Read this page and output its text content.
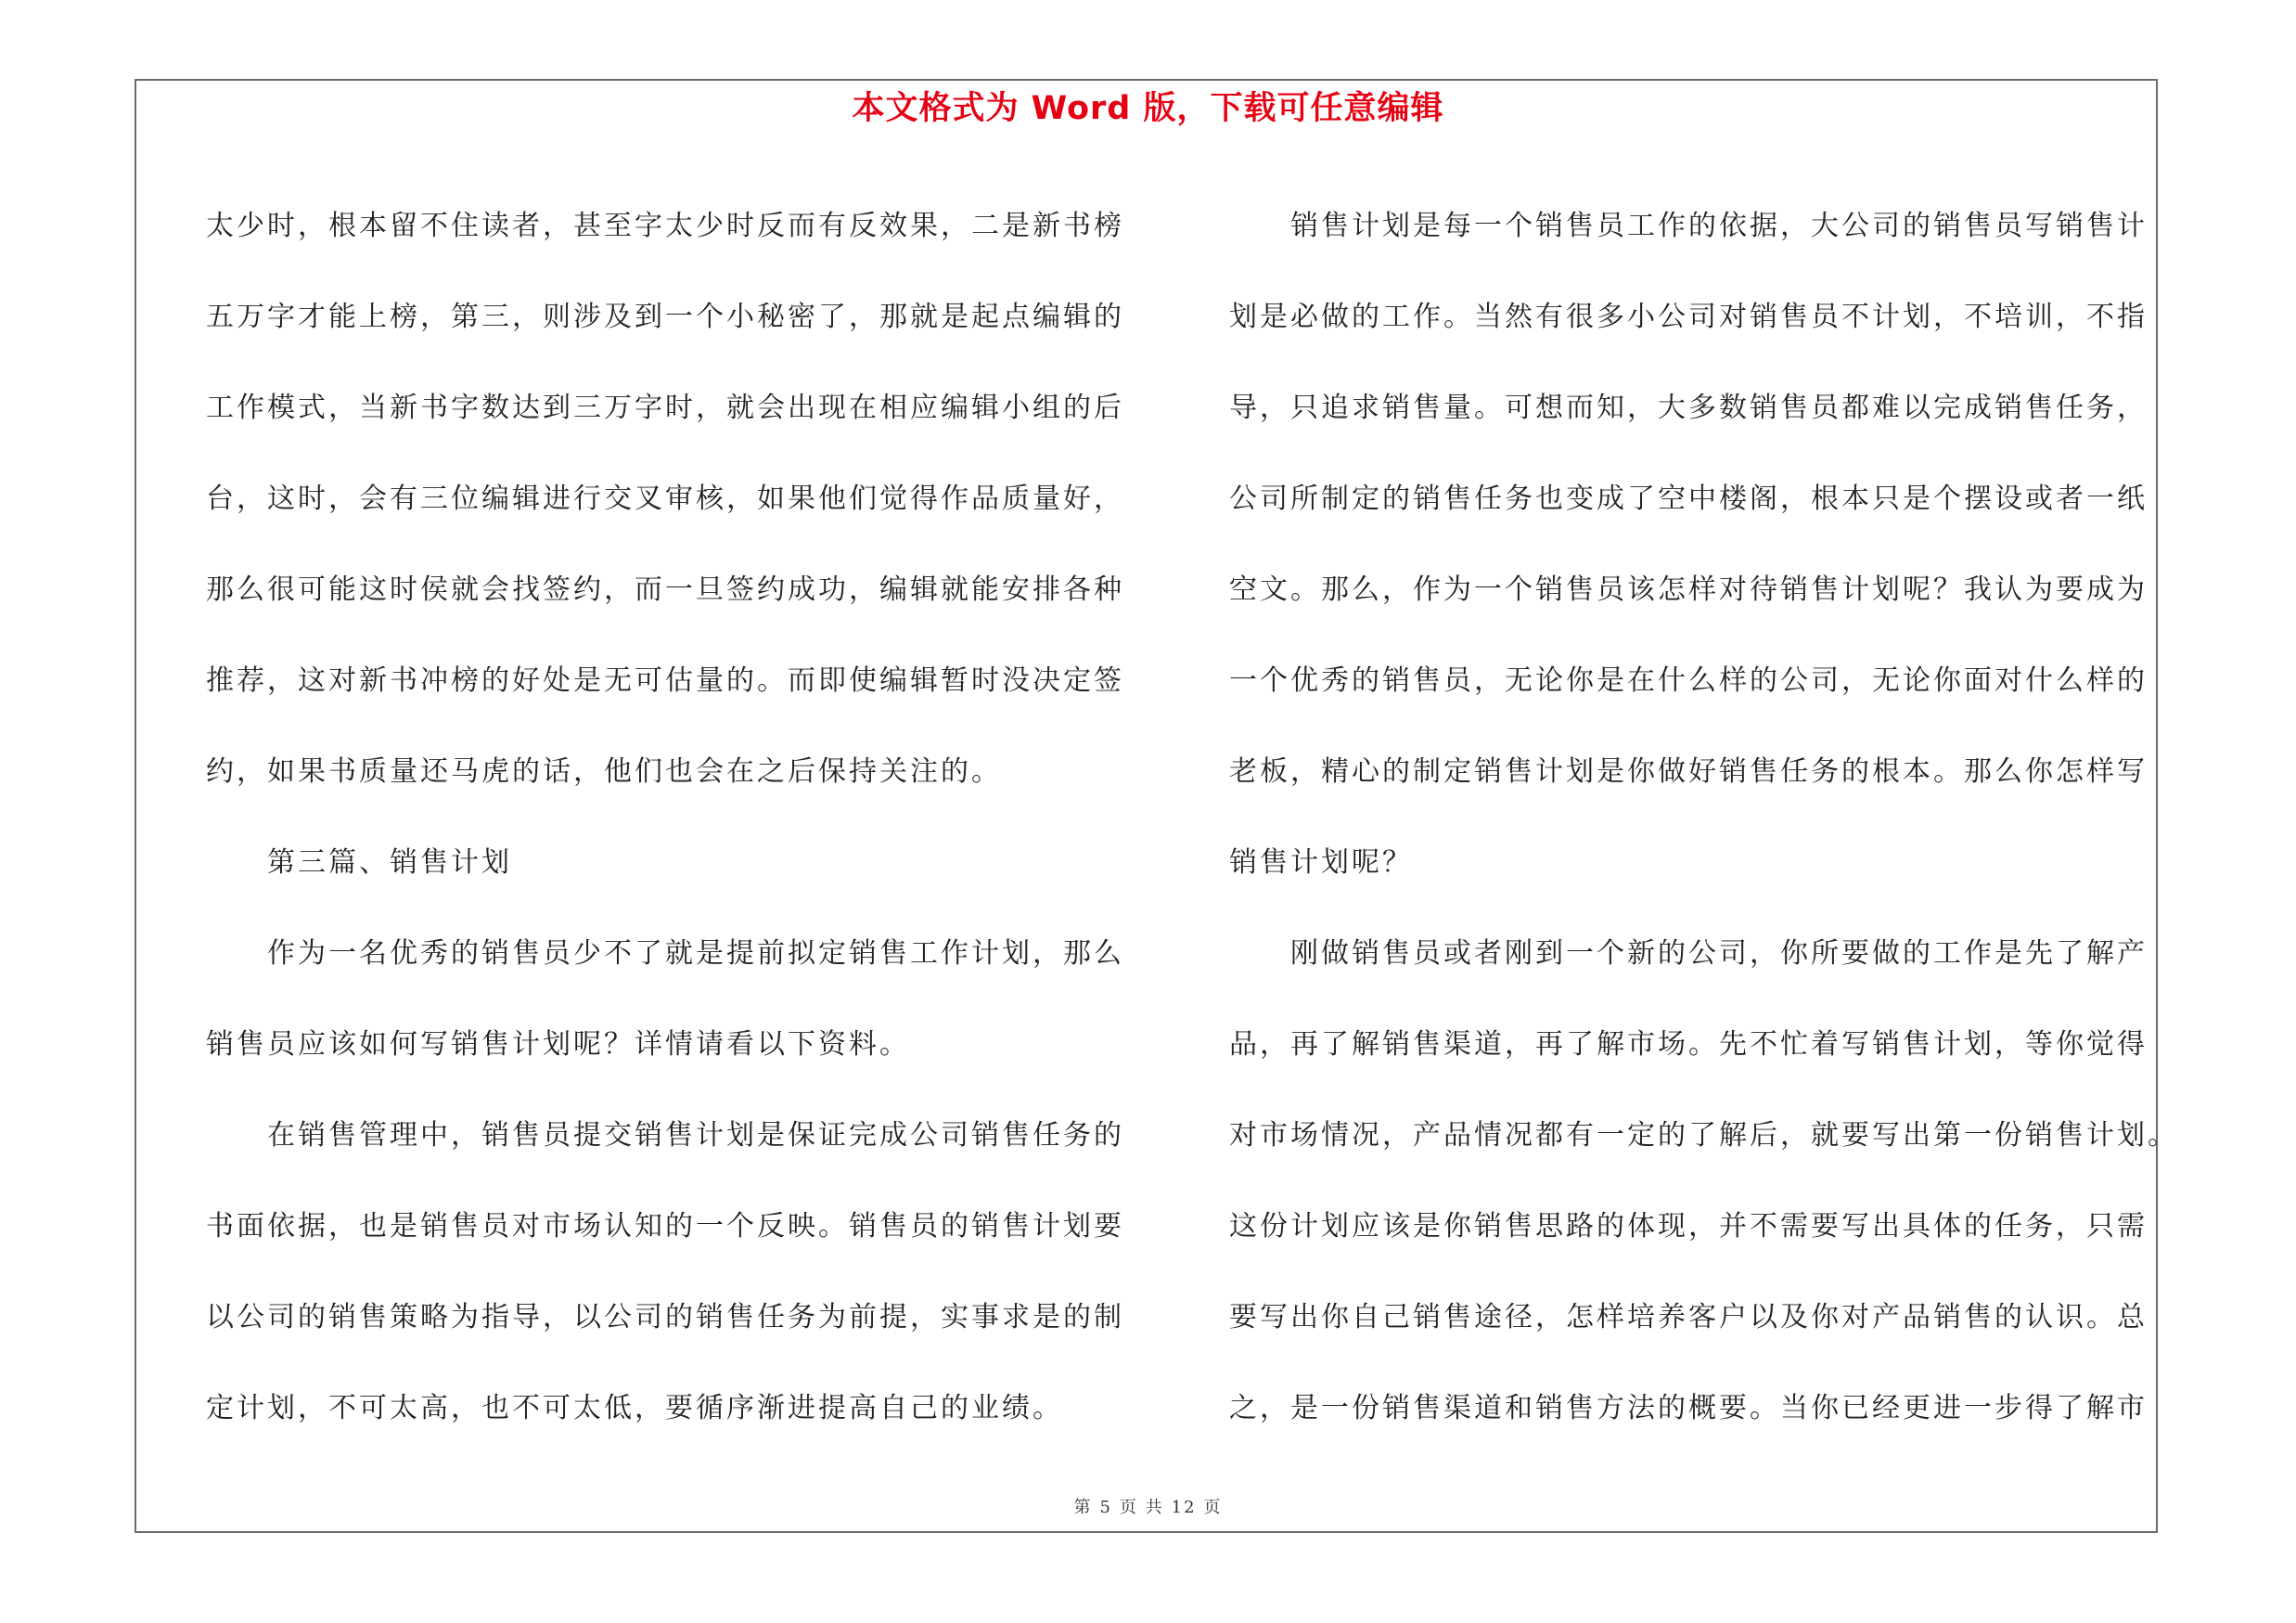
本文格式为 Word 版，下载可任意编辑
太少时，根本留不住读者，甚至字太少时反而有反效果，二是新书榜
五万字才能上榜，第三，则涉及到一个小秘密了，那就是起点编辑的
工作模式，当新书字数达到三万字时，就会出现在相应编辑小组的后
台，这时，会有三位编辑进行交叉审核，如果他们觉得作品质量好，
那么很可能这时侯就会找签约，而一旦签约成功，编辑就能安排各种
推荐，这对新书冲榜的好处是无可估量的。而即使编辑暂时没决定签
约，如果书质量还马虎的话，他们也会在之后保持关注的。
第三篇、销售计划
作为一名优秀的销售员少不了就是提前拟定销售工作计划，那么
销售员应该如何写销售计划呢？详情请看以下资料。
在销售管理中，销售员提交销售计划是保证完成公司销售任务的
书面依据，也是销售员对市场认知的一个反映。销售员的销售计划要
以公司的销售策略为指导，以公司的销售任务为前提，实事求是的制
定计划，不可太高，也不可太低，要循序渐进提高自己的业绩。
销售计划是每一个销售员工作的依据，大公司的销售员写销售计
划是必做的工作。当然有很多小公司对销售员不计划，不培训，不指
导，只追求销售量。可想而知，大多数销售员都难以完成销售任务，
公司所制定的销售任务也变成了空中楼阁，根本只是个摆设或者一纸
空文。那么，作为一个销售员该怎样对待销售计划呢？我认为要成为
一个优秀的销售员，无论你是在什么样的公司，无论你面对什么样的
老板，精心的制定销售计划是你做好销售任务的根本。那么你怎样写
销售计划呢？
刚做销售员或者刚到一个新的公司，你所要做的工作是先了解产
品，再了解销售渠道，再了解市场。先不忙着写销售计划，等你觉得
对市场情况，产品情况都有一定的了解后，就要写出第一份销售计划。
这份计划应该是你销售思路的体现，并不需要写出具体的任务，只需
要写出你自己销售途径，怎样培养客户以及你对产品销售的认识。总
之，是一份销售渠道和销售方法的概要。当你已经更进一步得了解市
第 5 页 共 12 页
